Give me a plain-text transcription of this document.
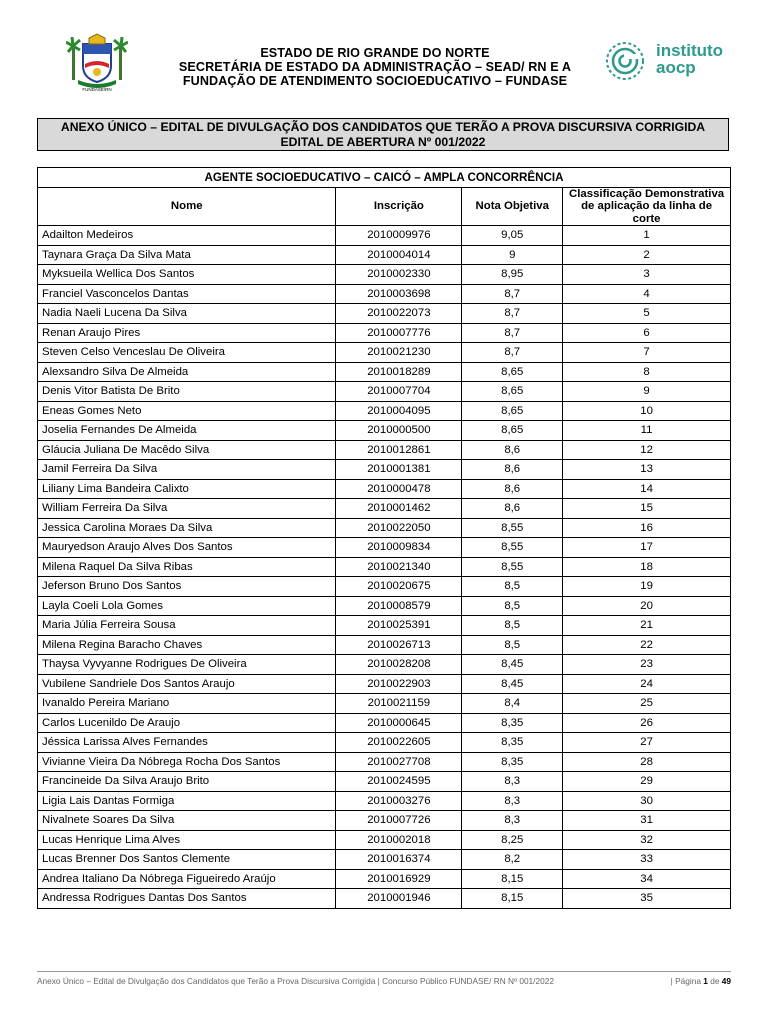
FUNDASE/RN
ESTADO DE RIO GRANDE DO NORTE
SECRETÁRIA DE ESTADO DA ADMINISTRAÇÃO – SEAD/ RN E A
FUNDAÇÃO DE ATENDIMENTO SOCIOEDUCATIVO – FUNDASE
instituto
aocp
ANEXO ÚNICO – EDITAL DE DIVULGAÇÃO DOS CANDIDATOS QUE TERÃO A PROVA DISCURSIVA CORRIGIDA
EDITAL DE ABERTURA Nº 001/2022
AGENTE SOCIOEDUCATIVO – CAICÓ – AMPLA CONCORRÊNCIA			
Nome	Inscrição	Nota Objetiva	Classificação Demonstrativa de aplicação da linha de corte
Adailton Medeiros	2010009976	9,05	1
Taynara Graça Da Silva Mata	2010004014	9	2
Myksueila Wellica Dos Santos	2010002330	8,95	3
Franciel Vasconcelos Dantas	2010003698	8,7	4
Nadia Naeli Lucena Da Silva	2010022073	8,7	5
Renan Araujo Pires	2010007776	8,7	6
Steven Celso Venceslau De Oliveira	2010021230	8,7	7
Alexsandro Silva De Almeida	2010018289	8,65	8
Denis Vitor Batista De Brito	2010007704	8,65	9
Eneas Gomes Neto	2010004095	8,65	10
Joselia Fernandes De Almeida	2010000500	8,65	11
Gláucia Juliana De Macêdo Silva	2010012861	8,6	12
Jamil Ferreira Da Silva	2010001381	8,6	13
Liliany Lima Bandeira Calixto	2010000478	8,6	14
William Ferreira Da Silva	2010001462	8,6	15
Jessica Carolina Moraes Da Silva	2010022050	8,55	16
Mauryedson Araujo Alves Dos Santos	2010009834	8,55	17
Milena Raquel Da Silva Ribas	2010021340	8,55	18
Jeferson Bruno Dos Santos	2010020675	8,5	19
Layla Coeli Lola Gomes	2010008579	8,5	20
Maria Júlia Ferreira Sousa	2010025391	8,5	21
Milena Regina Baracho Chaves	2010026713	8,5	22
Thaysa Vyvyanne Rodrigues De Oliveira	2010028208	8,45	23
Vubilene Sandriele Dos Santos Araujo	2010022903	8,45	24
Ivanaldo Pereira Mariano	2010021159	8,4	25
Carlos Lucenildo De Araujo	2010000645	8,35	26
Jéssica Larissa Alves Fernandes	2010022605	8,35	27
Vivianne Vieira Da Nóbrega Rocha Dos Santos	2010027708	8,35	28
Francineide Da Silva Araujo Brito	2010024595	8,3	29
Ligia Lais Dantas Formiga	2010003276	8,3	30
Nivalnete Soares Da Silva	2010007726	8,3	31
Lucas Henrique Lima Alves	2010002018	8,25	32
Lucas Brenner Dos Santos Clemente	2010016374	8,2	33
Andrea Italiano Da Nóbrega Figueiredo Araújo	2010016929	8,15	34
Andressa Rodrigues Dantas Dos Santos	2010001946	8,15	35
Anexo Único – Edital de Divulgação dos Candidatos que Terão a Prova Discursiva Corrigida | Concurso Público FUNDASE/ RN Nº 001/2022	| Página 1 de 49
